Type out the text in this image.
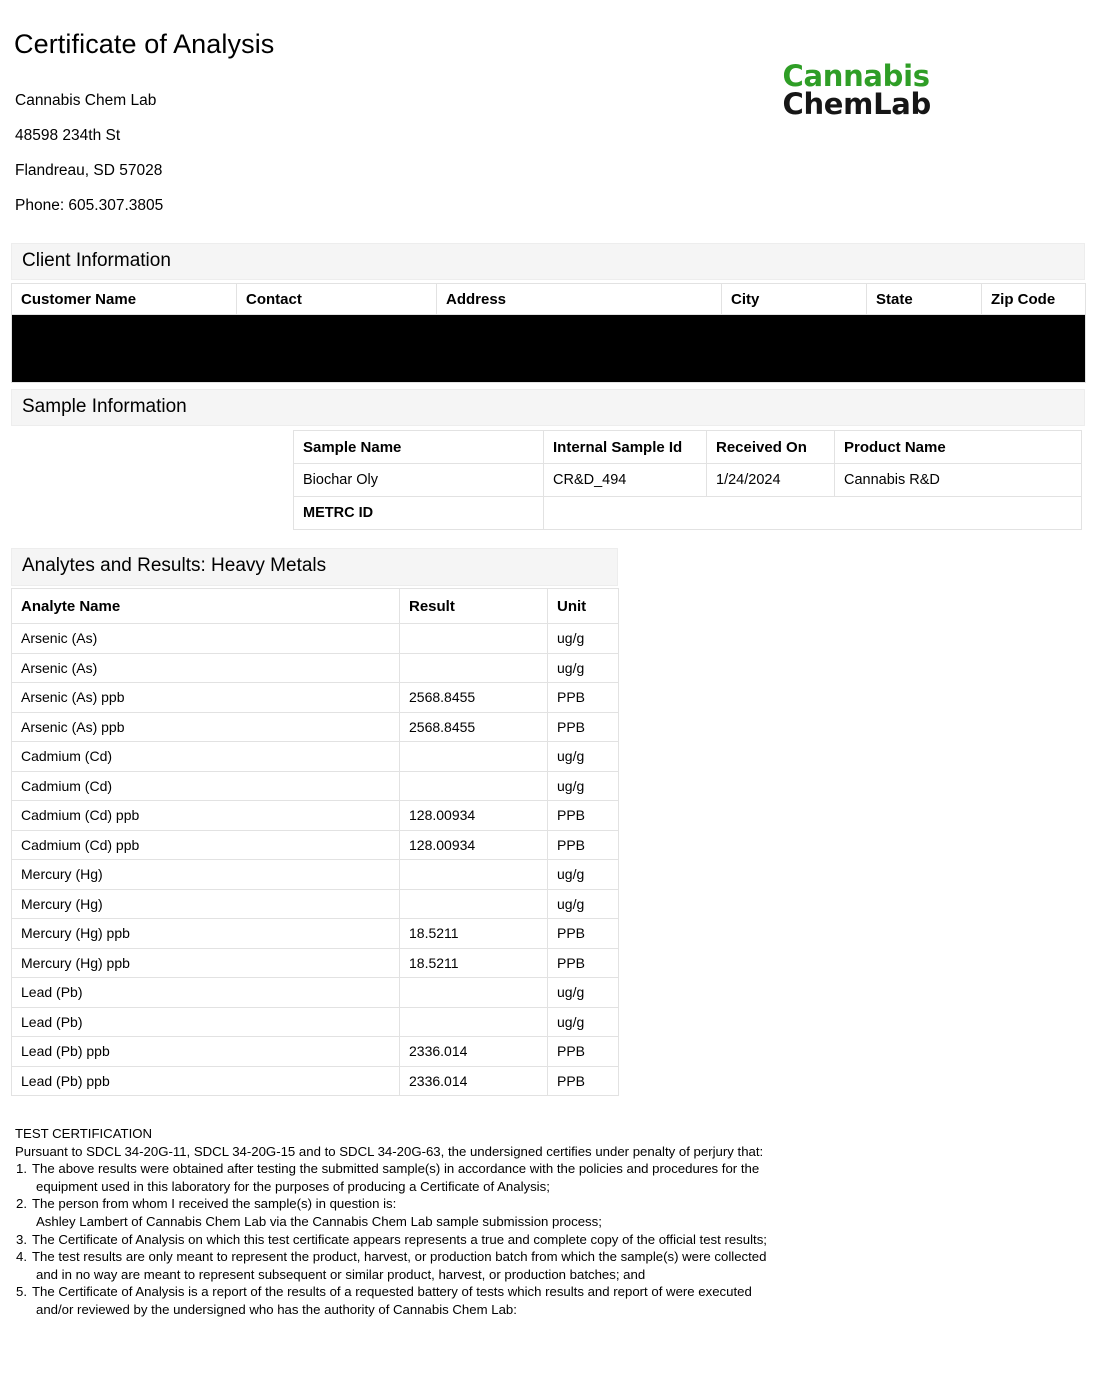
Certificate of Analysis
Cannabis Chem Lab
48598 234th St
Flandreau, SD 57028
Phone: 605.307.3805
Cannabis
ChemLab
Client Information
Customer Name	Contact	Address	City	State	Zip Code

Sample Information
Sample Name	Internal Sample Id	Received On	Product Name
Biochar Oly	CR&D_494	1/24/2024	Cannabis R&D
METRC ID			
Analytes and Results: Heavy Metals
Analyte Name	Result	Unit
Arsenic (As)		ug/g
Arsenic (As)		ug/g
Arsenic (As) ppb	2568.8455	PPB
Arsenic (As) ppb	2568.8455	PPB
Cadmium (Cd)		ug/g
Cadmium (Cd)		ug/g
Cadmium (Cd) ppb	128.00934	PPB
Cadmium (Cd) ppb	128.00934	PPB
Mercury (Hg)		ug/g
Mercury (Hg)		ug/g
Mercury (Hg) ppb	18.5211	PPB
Mercury (Hg) ppb	18.5211	PPB
Lead (Pb)		ug/g
Lead (Pb)		ug/g
Lead (Pb) ppb	2336.014	PPB
Lead (Pb) ppb	2336.014	PPB
TEST CERTIFICATION
Pursuant to SDCL 34-20G-11, SDCL 34-20G-15 and to SDCL 34-20G-63, the undersigned certifies under penalty of perjury that:
The above results were obtained after testing the submitted sample(s) in accordance with the policies and procedures for the
equipment used in this laboratory for the purposes of producing a Certificate of Analysis;
The person from whom I received the sample(s) in question is:
Ashley Lambert of Cannabis Chem Lab via the Cannabis Chem Lab sample submission process;
The Certificate of Analysis on which this test certificate appears represents a true and complete copy of the official test results;
The test results are only meant to represent the product, harvest, or production batch from which the sample(s) were collected
and in no way are meant to represent subsequent or similar product, harvest, or production batches; and
The Certificate of Analysis is a report of the results of a requested battery of tests which results and report of were executed
and/or reviewed by the undersigned who has the authority of Cannabis Chem Lab:
